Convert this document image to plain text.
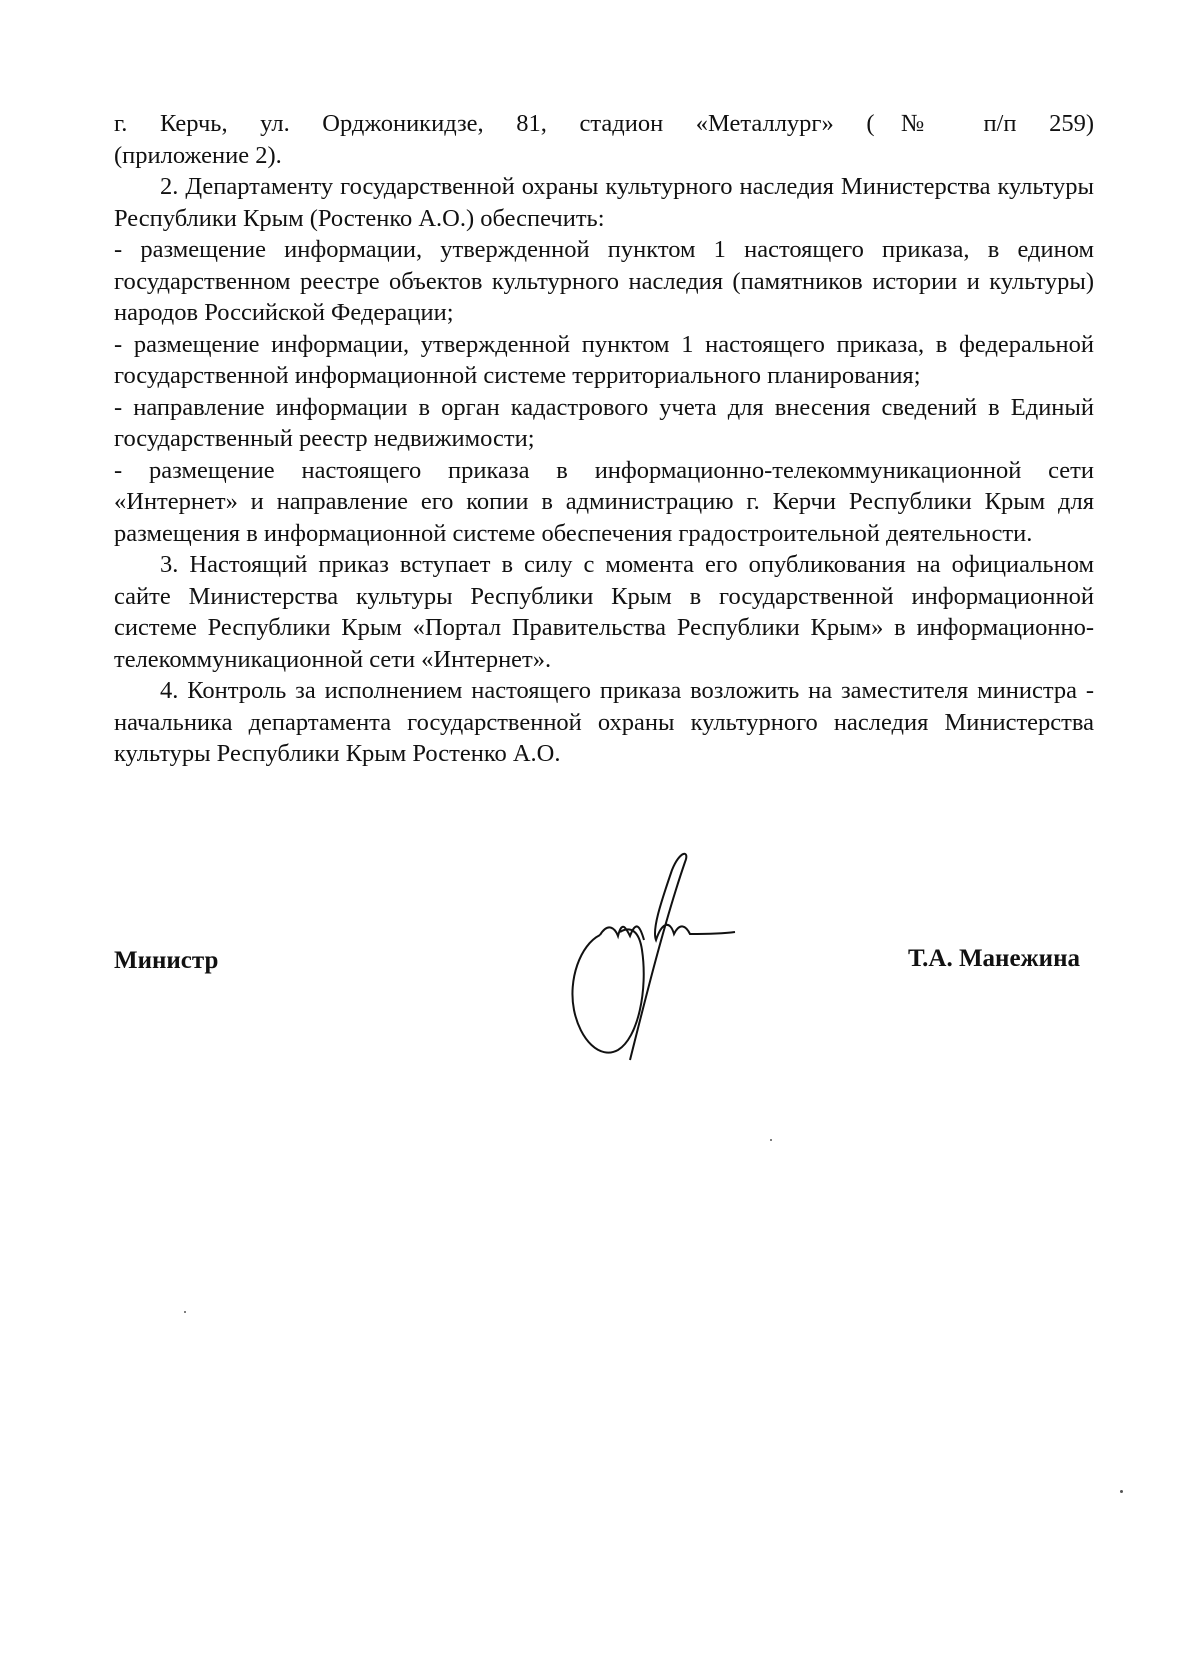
г. Керчь, ул. Орджоникидзе, 81, стадион «Металлург» (№ п/п 259)

(приложение 2).

2. Департаменту государственной охраны культурного наследия Министерства культуры Республики Крым (Ростенко А.О.) обеспечить:

- размещение информации, утвержденной пунктом 1 настоящего приказа, в едином государственном реестре объектов культурного наследия (памятников истории и культуры) народов Российской Федерации;

- размещение информации, утвержденной пунктом 1 настоящего приказа, в федеральной государственной информационной системе территориального планирования;

- направление информации в орган кадастрового учета для внесения сведений в Единый государственный реестр недвижимости;

- размещение настоящего приказа в информационно-телекоммуникационной сети «Интернет» и направление его копии в администрацию г. Керчи Республики Крым для размещения в информационной системе обеспечения градостроительной деятельности.

3. Настоящий приказ вступает в силу с момента его опубликования на официальном сайте Министерства культуры Республики Крым в государственной информационной системе Республики Крым «Портал Правительства Республики Крым» в информационно-телекоммуникационной сети «Интернет».

4. Контроль за исполнением настоящего приказа возложить на заместителя министра - начальника департамента государственной охраны культурного наследия Министерства культуры Республики Крым Ростенко А.О.

Министр	Т.А. Манежина
